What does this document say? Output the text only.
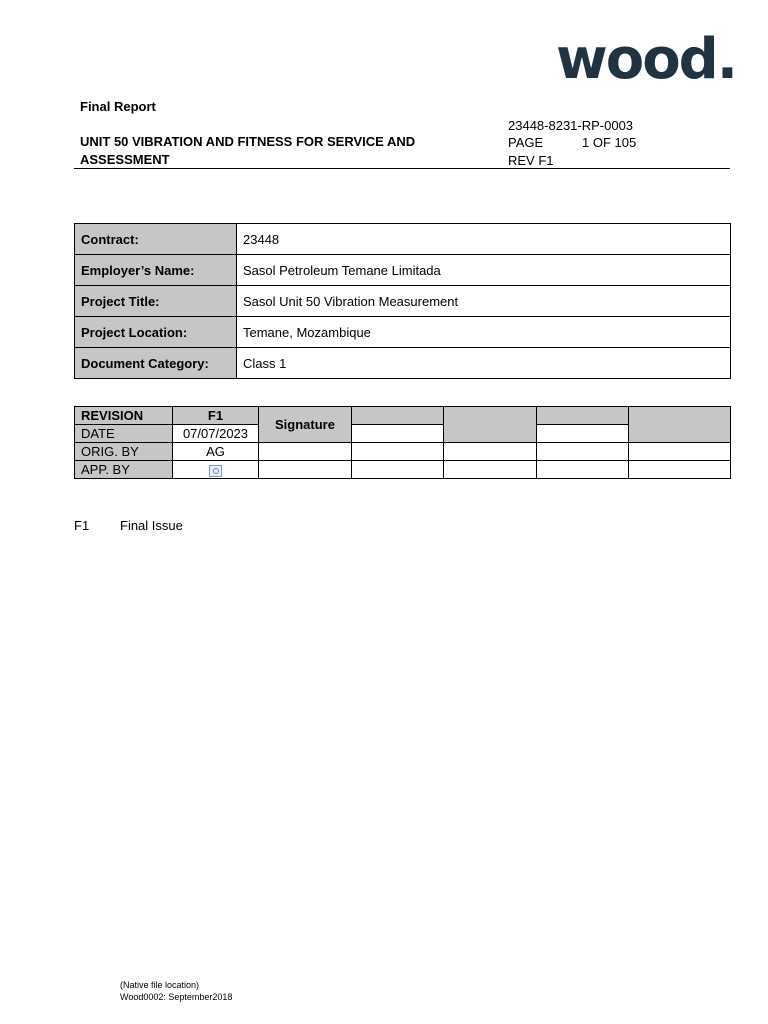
wood.
Final Report
UNIT 50 VIBRATION AND FITNESS FOR SERVICE AND ASSESSMENT
23448-8231-RP-0003
PAGE	1 OF 105
REV F1
Contract:	23448
Employer’s Name:	Sasol Petroleum Temane Limitada
Project Title:	Sasol Unit 50 Vibration Measurement
Project Location:	Temane, Mozambique
Document Category:	Class 1
REVISION	F1	Signature				
DATE	07/07/2023					
ORIG. BY	AG					
APP. BY						
F1 Final Issue
(Native file location)
Wood0002: September2018
